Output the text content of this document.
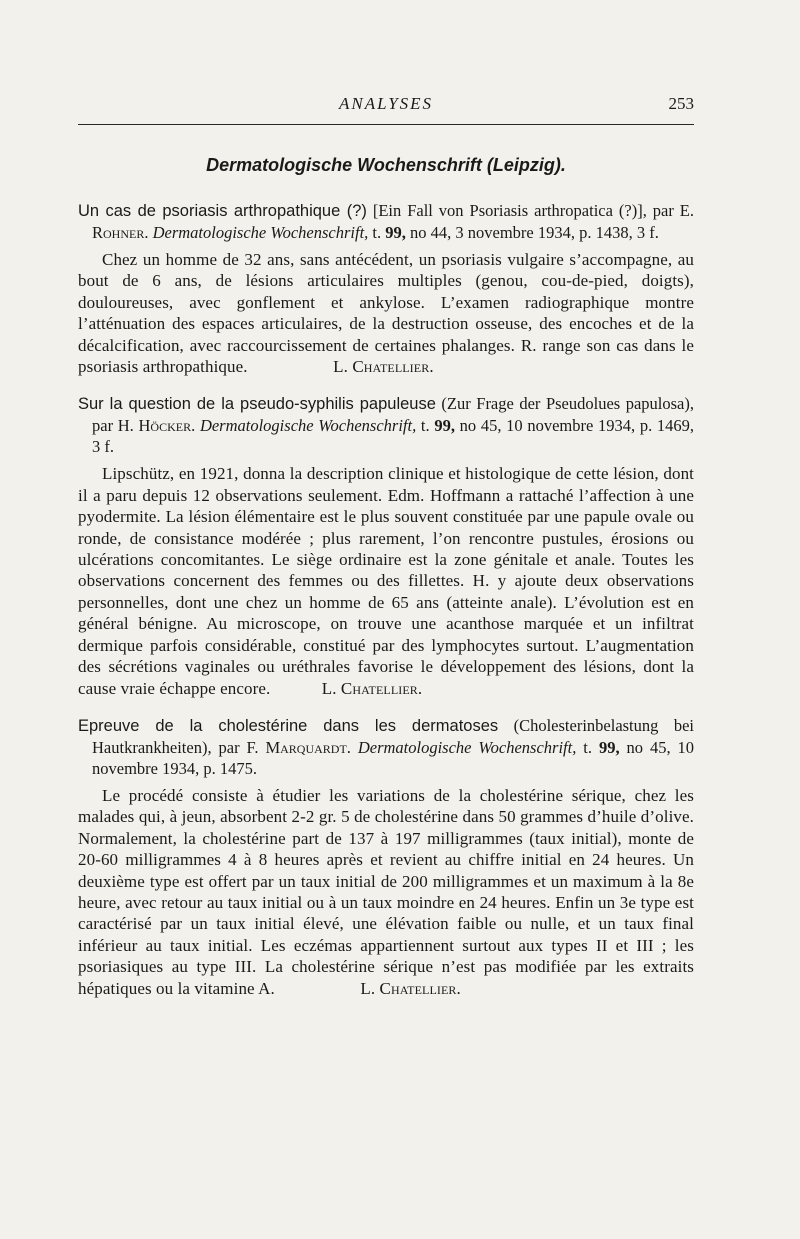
ANALYSES	253
Dermatologische Wochenschrift (Leipzig).

Un cas de psoriasis arthropathique (?) [Ein Fall von Psoriasis arthropatica (?)], par E. Rohner. Dermatologische Wochenschrift, t. 99, no 44, 3 novembre 1934, p. 1438, 3 f.

Chez un homme de 32 ans, sans antécédent, un psoriasis vulgaire s’accompagne, au bout de 6 ans, de lésions articulaires multiples (genou, cou-de-pied, doigts), douloureuses, avec gonflement et ankylose. L’examen radiographique montre l’atténuation des espaces articulaires, de la destruction osseuse, des encoches et de la décalcification, avec raccourcissement de certaines phalanges. R. range son cas dans le psoriasis arthropathique.     	L. Chatellier.

Sur la question de la pseudo-syphilis papuleuse (Zur Frage der Pseudolues papulosa), par H. Höcker. Dermatologische Wochenschrift, t. 99, no 45, 10 novembre 1934, p. 1469, 3 f.

Lipschütz, en 1921, donna la description clinique et histologique de cette lésion, dont il a paru depuis 12 observations seulement. Edm. Hoffmann a rattaché l’affection à une pyodermite. La lésion élémentaire est le plus souvent constituée par une papule ovale ou ronde, de consistance modérée ; plus rarement, l’on rencontre pustules, érosions ou ulcérations concomitantes. Le siège ordinaire est la zone génitale et anale. Toutes les observations concernent des femmes ou des fillettes. H. y ajoute deux observations personnelles, dont une chez un homme de 65 ans (atteinte anale). L’évolution est en général bénigne. Au microscope, on trouve une acanthose marquée et un infiltrat dermique parfois considérable, constitué par des lymphocytes surtout. L’augmentation des sécrétions vaginales ou uréthrales favorise le développement des lésions, dont la cause vraie échappe encore.   	L. Chatellier.

Epreuve de la cholestérine dans les dermatoses (Cholesterinbelastung bei Hautkrankheiten), par F. Marquardt. Dermatologische Wochenschrift, t. 99, no 45, 10 novembre 1934, p. 1475.

Le procédé consiste à étudier les variations de la cholestérine sérique, chez les malades qui, à jeun, absorbent 2-2 gr. 5 de cholestérine dans 50 grammes d’huile d’olive. Normalement, la cholestérine part de 137 à 197 milligrammes (taux initial), monte de 20-60 milligrammes 4 à 8 heures après et revient au chiffre initial en 24 heures. Un deuxième type est offert par un taux initial de 200 milligrammes et un maximum à la 8e heure, avec retour au taux initial ou à un taux moindre en 24 heures. Enfin un 3e type est caractérisé par un taux initial élevé, une élévation faible ou nulle, et un taux final inférieur au taux initial. Les eczémas appartiennent surtout aux types II et III ; les psoriasiques au type III. La cholestérine sérique n’est pas modifiée par les extraits hépatiques ou la vitamine A.     	L. Chatellier.
